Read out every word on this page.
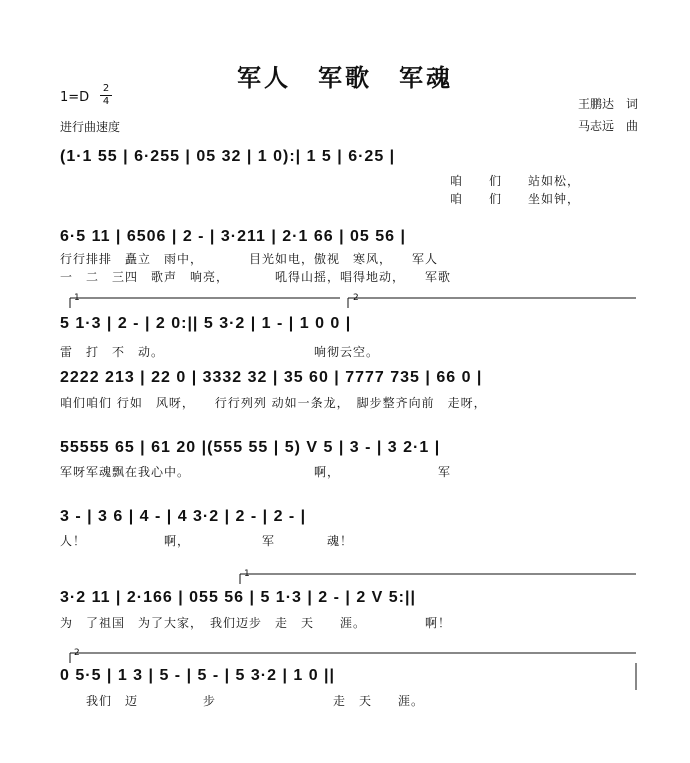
军人　军歌　军魂
1=D
2
4
进行曲速度
王鹏达　词
马志远　曲
(1·1 55 | 6·255 | 05 32 | 1 0):| 1 5 | 6·25 |
咱　　们　　站如松，
咱　　们　　坐如钟，
6·5 11 | 6506 | 2 - | 3·211 | 2·1 66 | 05 56 |
行行排排　矗立　雨中，　　　　目光如电，傲视　寒风，　　军人
一　二　三四　歌声　响亮，　　　　吼得山摇，唱得地动，　　军歌
1	2
5 1·3 | 2 - | 2 0:|| 5 3·2 | 1 - | 1 0 0 |
雷　打　不　动。　　　　　　　　　　　　响彻云空。
2222 213 | 22 0 | 3332 32 | 35 60 | 7777 735 | 66 0 |
咱们咱们 行如　风呀，　　行行列列 动如一条龙，　脚步整齐向前　走呀，
55555 65 | 61 20 |(555 55 | 5) V 5 | 3 - | 3 2·1 |
军呀军魂飘在我心中。　　　　　　　　　　啊，　　　　　　　　军
3 - | 3 6 | 4 - | 4 3·2 | 2 - | 2 - |
人！　　　　　　啊，　　　　　　军　　　　魂！
1
3·2 11 | 2·166 | 055 56 | 5 1·3 | 2 - | 2 V 5:||
为　了祖国　为了大家，　我们迈步　走　天　　涯。　　　　　啊！
2
0 5·5 | 1 3 | 5 - | 5 - | 5 3·2 | 1 0 ||
　　我们　迈　　　　　步　　　　　　　　　走　天　　涯。
